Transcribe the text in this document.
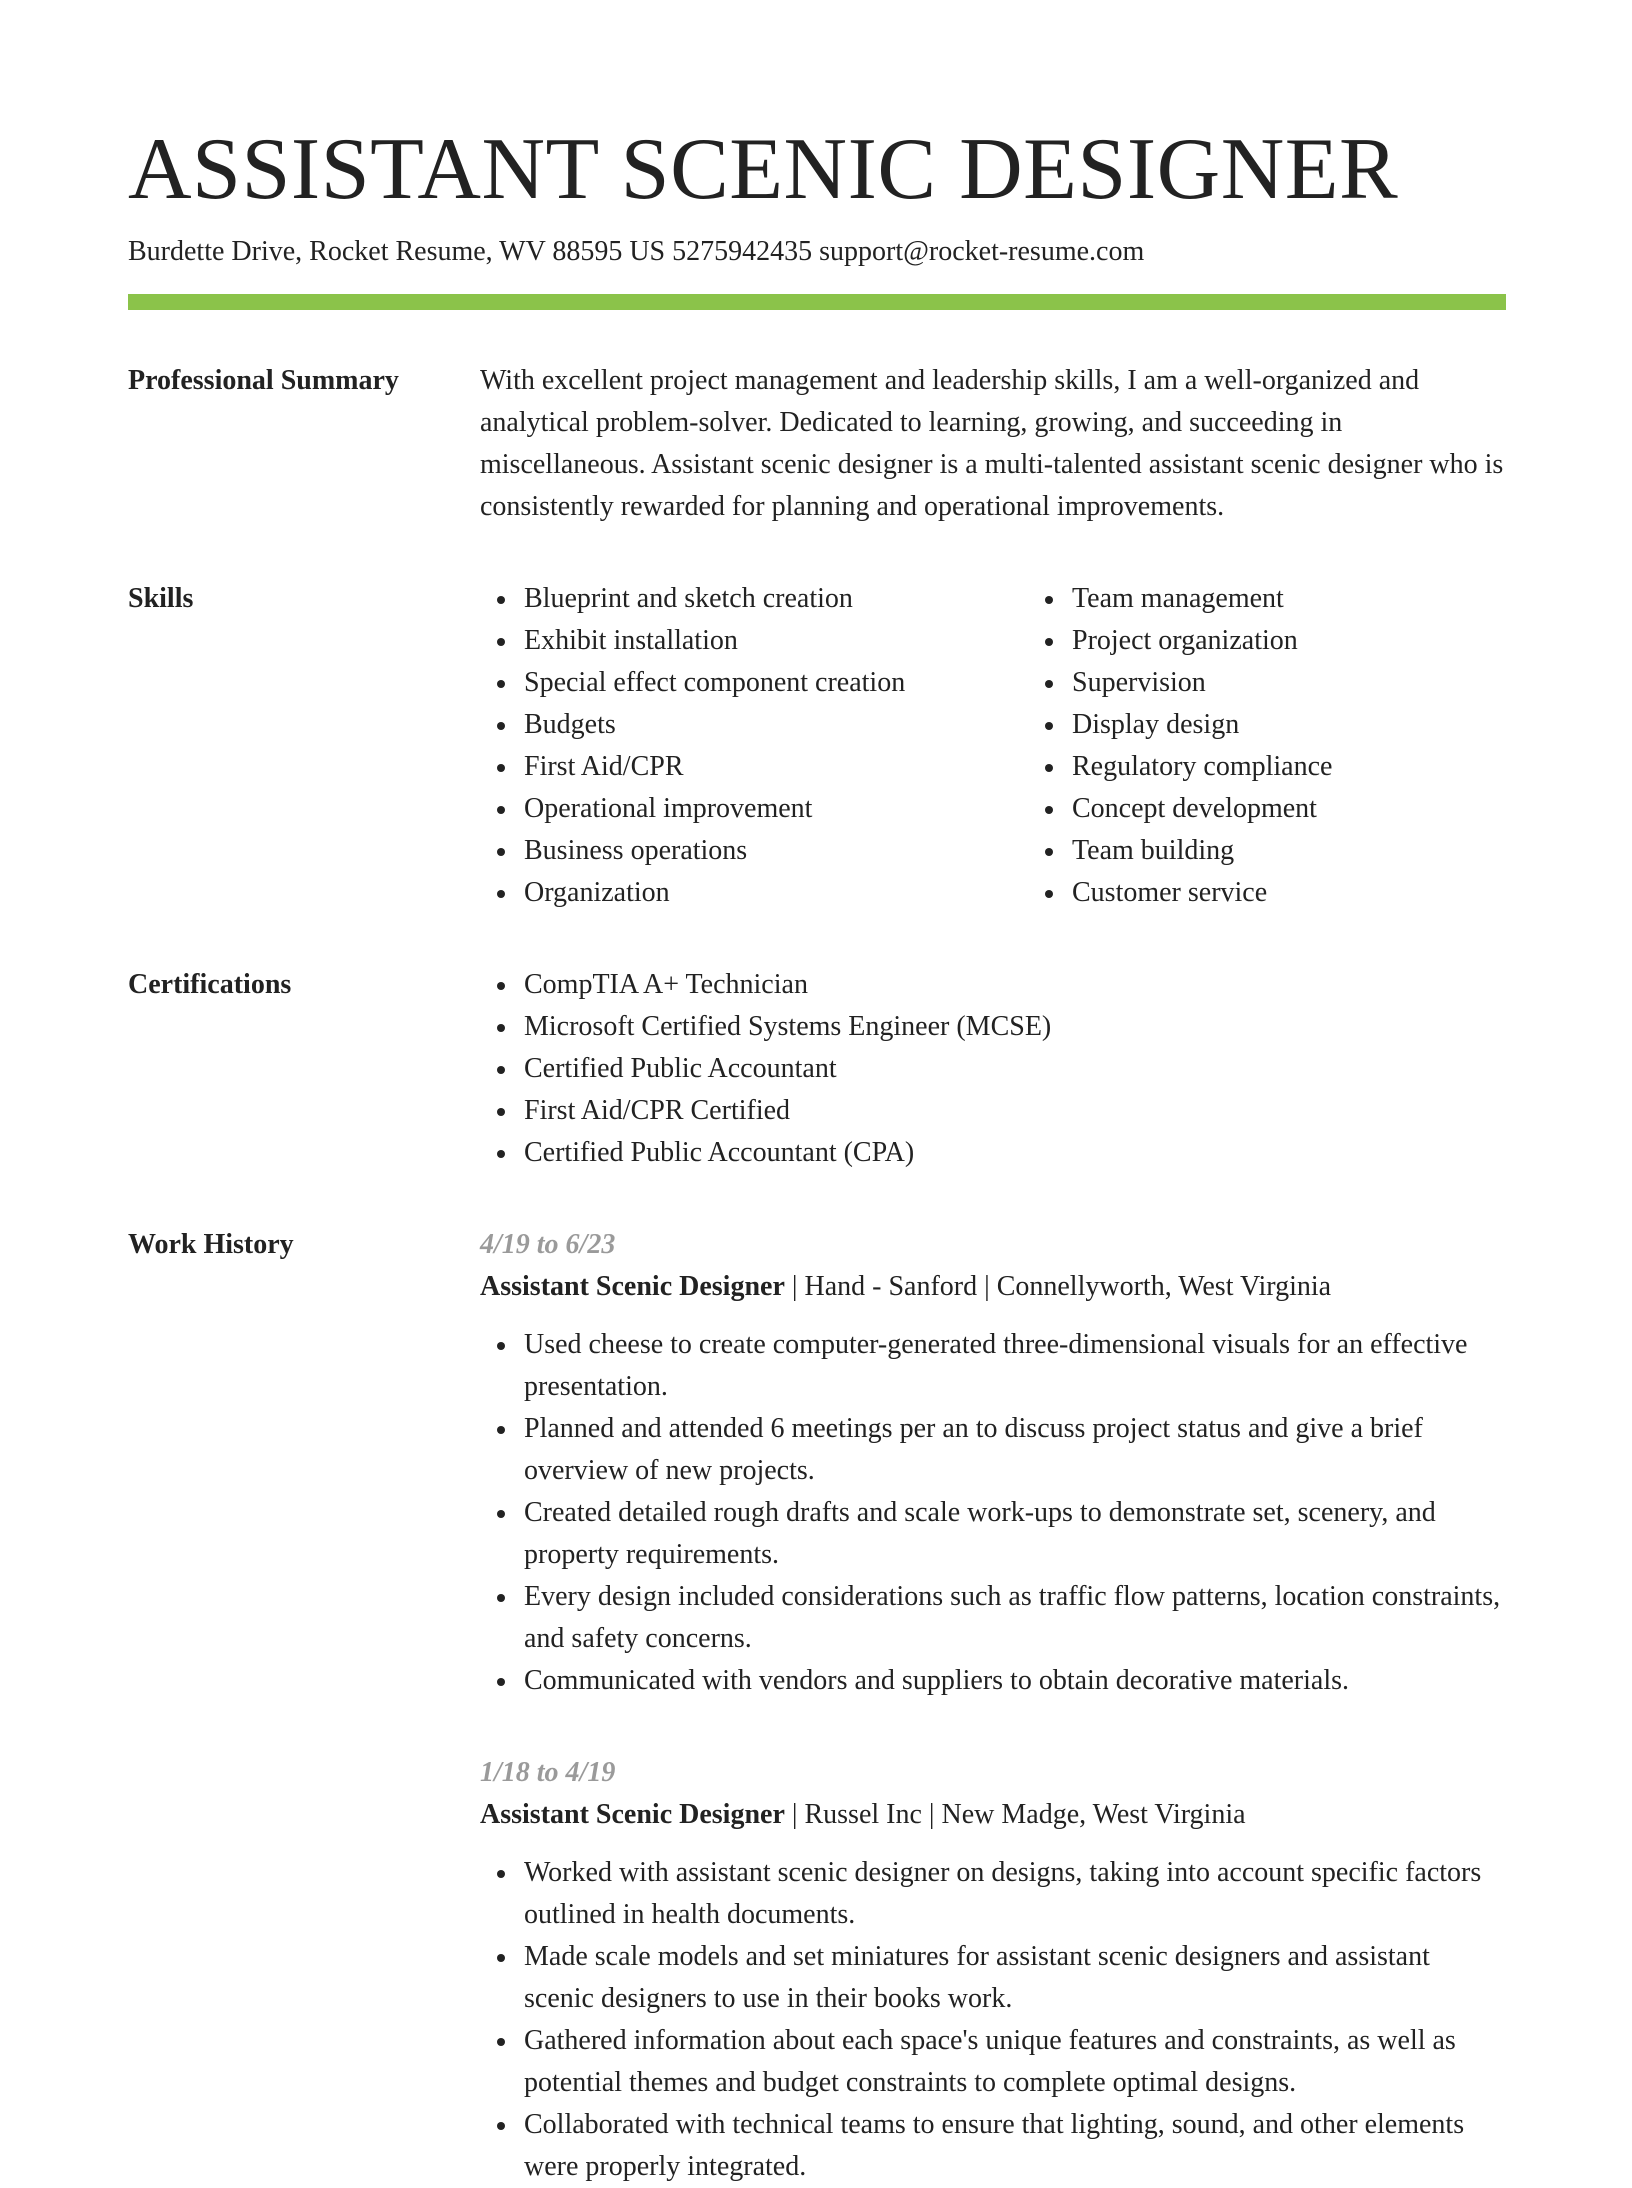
ASSISTANT SCENIC DESIGNER
Burdette Drive, Rocket Resume, WV 88595 US 5275942435 support@rocket-resume.com
Professional Summary	With excellent project management and leadership skills, I am a well-organized and analytical problem-solver. Dedicated to learning, growing, and succeeding in miscellaneous. Assistant scenic designer is a multi-talented assistant scenic designer who is consistently rewarded for planning and operational improvements.

Skills	Blueprint and sketch creation
Exhibit installation
Special effect component creation
Budgets
First Aid/CPR
Operational improvement
Business operations
Organization
Team management
Project organization
Supervision
Display design
Regulatory compliance
Concept development
Team building
Customer service
Certifications	CompTIA A+ Technician
Microsoft Certified Systems Engineer (MCSE)
Certified Public Accountant
First Aid/CPR Certified
Certified Public Accountant (CPA)
Work History	4/19 to 6/23
Assistant Scenic Designer | Hand - Sanford | Connellyworth, West Virginia
Used cheese to create computer-generated three-dimensional visuals for an effective presentation.
Planned and attended 6 meetings per an to discuss project status and give a brief overview of new projects.
Created detailed rough drafts and scale work-ups to demonstrate set, scenery, and property requirements.
Every design included considerations such as traffic flow patterns, location constraints, and safety concerns.
Communicated with vendors and suppliers to obtain decorative materials.
1/18 to 4/19
Assistant Scenic Designer | Russel Inc | New Madge, West Virginia
Worked with assistant scenic designer on designs, taking into account specific factors outlined in health documents.
Made scale models and set miniatures for assistant scenic designers and assistant scenic designers to use in their books work.
Gathered information about each space's unique features and constraints, as well as potential themes and budget constraints to complete optimal designs.
Collaborated with technical teams to ensure that lighting, sound, and other elements were properly integrated.
